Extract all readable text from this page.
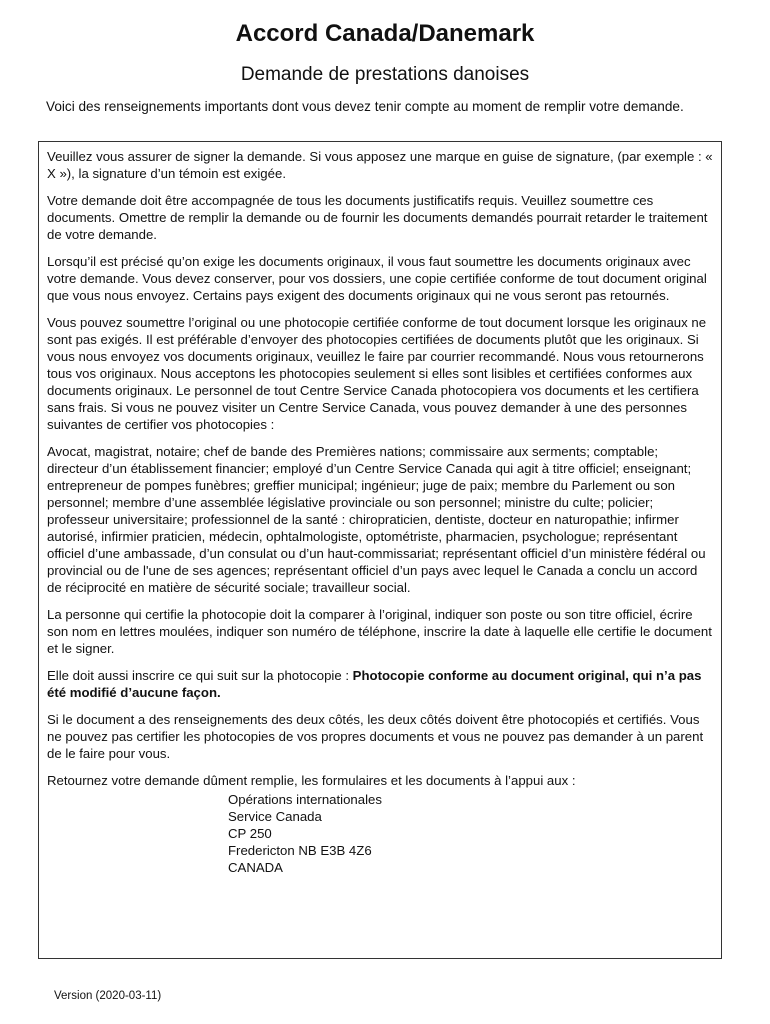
Accord Canada/Danemark
Demande de prestations danoises

Voici des renseignements importants dont vous devez tenir compte au moment de remplir votre demande.

Veuillez vous assurer de signer la demande. Si vous apposez une marque en guise de signature, (par exemple : « X »), la signature d’un témoin est exigée.

Votre demande doit être accompagnée de tous les documents justificatifs requis. Veuillez soumettre ces documents. Omettre de remplir la demande ou de fournir les documents demandés pourrait retarder le traitement de votre demande.

Lorsqu’il est précisé qu’on exige les documents originaux, il vous faut soumettre les documents originaux avec votre demande. Vous devez conserver, pour vos dossiers, une copie certifiée conforme de tout document original que vous nous envoyez. Certains pays exigent des documents originaux qui ne vous seront pas retournés.

Vous pouvez soumettre l’original ou une photocopie certifiée conforme de tout document lorsque les originaux ne sont pas exigés. Il est préférable d’envoyer des photocopies certifiées de documents plutôt que les originaux. Si vous nous envoyez vos documents originaux, veuillez le faire par courrier recommandé. Nous vous retournerons tous vos originaux. Nous acceptons les photocopies seulement si elles sont lisibles et certifiées conformes aux documents originaux. Le personnel de tout Centre Service Canada photocopiera vos documents et les certifiera sans frais. Si vous ne pouvez visiter un Centre Service Canada, vous pouvez demander à une des personnes suivantes de certifier vos photocopies :

Avocat, magistrat, notaire; chef de bande des Premières nations; commissaire aux serments; comptable; directeur d’un établissement financier; employé d’un Centre Service Canada qui agit à titre officiel; enseignant; entrepreneur de pompes funèbres; greffier municipal; ingénieur; juge de paix; membre du Parlement ou son personnel; membre d’une assemblée législative provinciale ou son personnel; ministre du culte; policier; professeur universitaire; professionnel de la santé : chiropraticien, dentiste, docteur en naturopathie; infirmer autorisé, infirmier praticien, médecin, ophtalmologiste, optométriste, pharmacien, psychologue; représentant officiel d’une ambassade, d’un consulat ou d’un haut-commissariat; représentant officiel d’un ministère fédéral ou provincial ou de l'une de ses agences; représentant officiel d’un pays avec lequel le Canada a conclu un accord de réciprocité en matière de sécurité sociale; travailleur social.

La personne qui certifie la photocopie doit la comparer à l’original, indiquer son poste ou son titre officiel, écrire son nom en lettres moulées, indiquer son numéro de téléphone, inscrire la date à laquelle elle certifie le document et le signer.

Elle doit aussi inscrire ce qui suit sur la photocopie : Photocopie conforme au document original, qui n’a pas été modifié d’aucune façon.

Si le document a des renseignements des deux côtés, les deux côtés doivent être photocopiés et certifiés. Vous ne pouvez pas certifier les photocopies de vos propres documents et vous ne pouvez pas demander à un parent de le faire pour vous.

Retournez votre demande dûment remplie, les formulaires et les documents à l’appui aux :

Opérations internationales
Service Canada
CP 250
Fredericton NB E3B 4Z6
CANADA
Version (2020-03-11)
